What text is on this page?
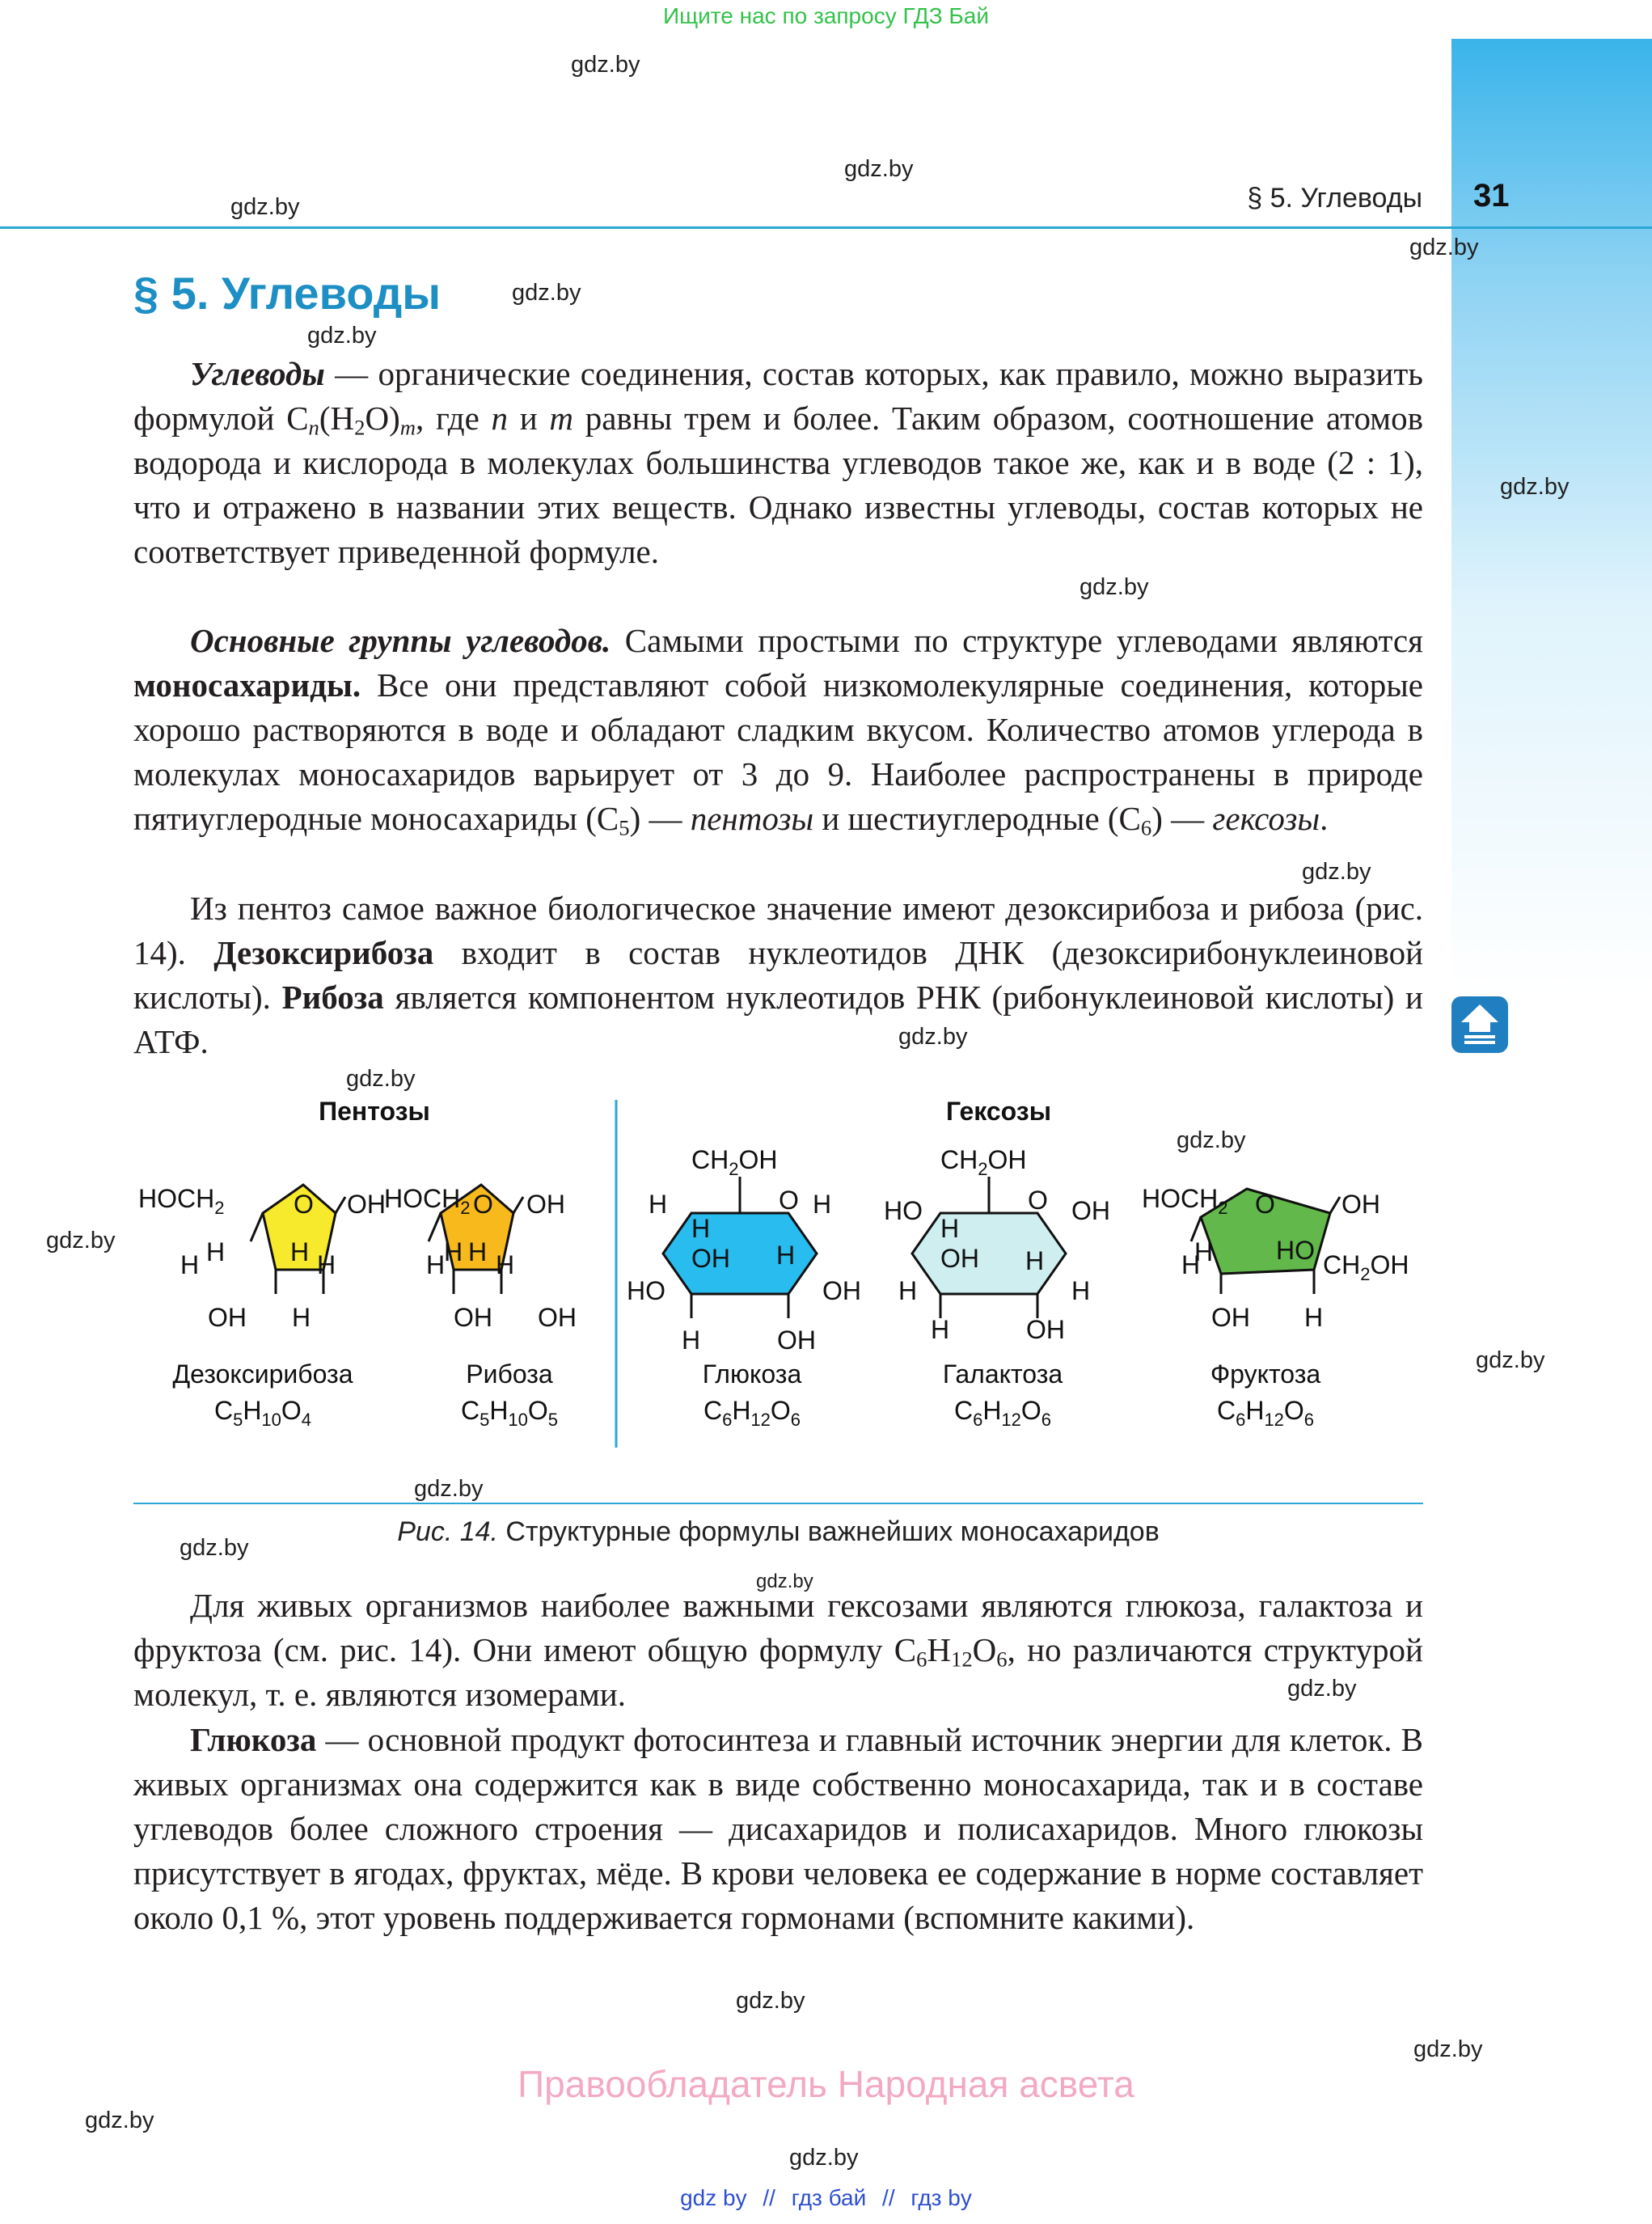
Ищите нас по запросу ГДЗ Бай
§ 5. Углеводы 31
§ 5. Углеводы
gdz.by
gdz.by
gdz.by
gdz.by
gdz.by
gdz.by
gdz.by
gdz.by
gdz.by
gdz.by
gdz.by
gdz.by
gdz.by
gdz.by
gdz.by
gdz.by
gdz.by
gdz.by
gdz.by
gdz.by
gdz.by
gdz.by

Углеводы — органические соединения, состав которых, как правило, можно выразить формулой $C_n(H_2O)_m$, где n и m равны трем и более. Таким образом, соотношение атомов водорода и кислорода в молекулах большинства углеводов такое же, как и в воде (2 : 1), что и отражено в названии этих веществ. Однако известны углеводы, состав которых не соответствует приведенной формуле.

Основные группы углеводов. Самыми простыми по структуре углеводами являются моносахариды. Все они представляют собой низкомолекулярные соединения, которые хорошо растворяются в воде и обладают сладким вкусом. Количество атомов углерода в молекулах моносахаридов варьирует от 3 до 9. Наиболее распространены в природе пятиуглеродные моносахариды $(C_5)$ — пентозы и шестиуглеродные $(C_6)$ — гексозы.

Из пентоз самое важное биологическое значение имеют дезоксирибоза и рибоза (рис. 14). Дезоксирибоза входит в состав нуклеотидов ДНК (дезоксирибонуклеиновой кислоты). Рибоза является компонентом нуклеотидов РНК (рибонуклеиновой кислоты) и АТФ.

Пентозы	Гексозы
$HOCH_2$	O OH
H H	H H
OH H
Дезоксирибоза
$C_5H_{10}O_4$
$HOCH_2$ O OH
H
H H H
OH OH
Рибоза
$C_5H_{10}O_5$
$CH_2OH$
O H
H
H
OH H
HO	OH
H	OH
Глюкоза
$C_6H_{12}O_6$
$CH_2OH$
O
HO
H
OH
OH H
H	H
H	OH
Галактоза
$C_6H_{12}O_6$
$HOCH_2$ O	OH
H	HO $CH_2OH$
H
OH H
Фруктоза
$C_6H_{12}O_6$
Рис. 14. Структурные формулы важнейших моносахаридов

Для живых организмов наиболее важными гексозами являются глюкоза, галактоза и фруктоза (см. рис. 14). Они имеют общую формулу $C_6H_{12}O_6$, но различаются структурой молекул, т. е. являются изомерами.

Глюкоза — основной продукт фотосинтеза и главный источник энергии для клеток. В живых организмах она содержится как в виде собственно моносахарида, так и в составе углеводов более сложного строения — дисахаридов и полисахаридов. Много глюкозы присутствует в ягодах, фруктах, мёде. В крови человека ее содержание в норме составляет около 0,1 %, этот уровень поддерживается гормонами (вспомните какими).

Правообладатель Народная асвета
gdz by // гдз бай // гдз by
